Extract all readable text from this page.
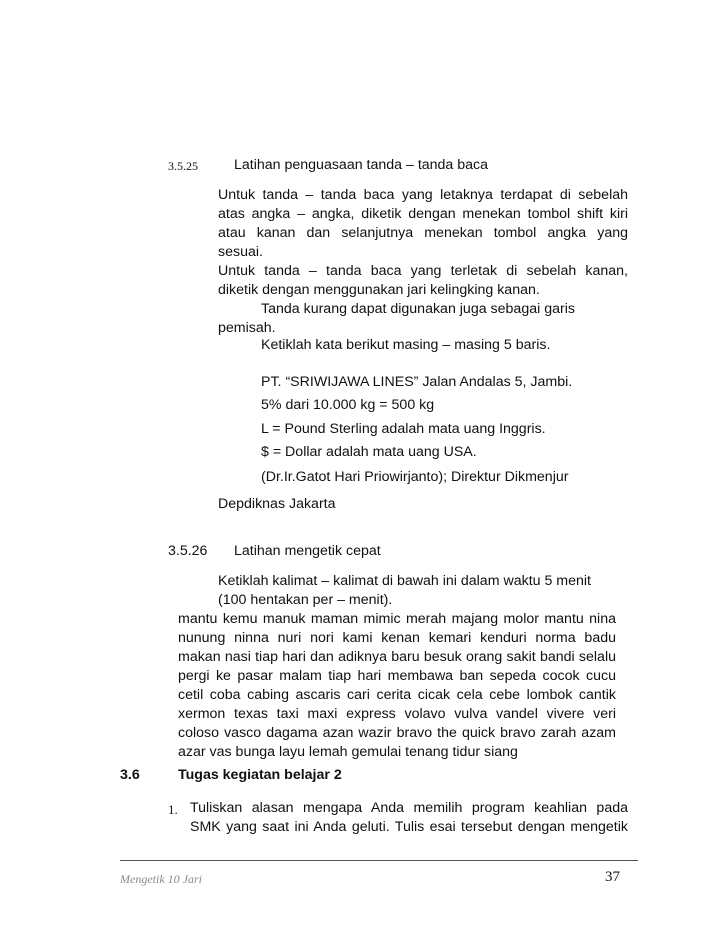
3.5.25	Latihan penguasaan tanda – tanda baca
Untuk tanda – tanda baca yang letaknya terdapat di sebelah
atas angka – angka, diketik dengan menekan tombol shift kiri
atau kanan dan selanjutnya menekan tombol angka yang
sesuai.
Untuk tanda – tanda baca yang terletak di sebelah kanan,
diketik dengan menggunakan jari kelingking kanan.
Tanda kurang dapat digunakan juga sebagai garis
pemisah.
Ketiklah kata berikut masing – masing 5 baris.
PT. “SRIWIJAWA LINES” Jalan Andalas 5, Jambi.
5% dari 10.000 kg = 500 kg
L = Pound Sterling adalah mata uang Inggris.
$ = Dollar adalah mata uang USA.
(Dr.Ir.Gatot Hari Priowirjanto); Direktur Dikmenjur
Depdiknas Jakarta
3.5.26 Latihan mengetik cepat
Ketiklah kalimat – kalimat di bawah ini dalam waktu 5 menit
(100 hentakan per – menit).
mantu kemu manuk maman mimic merah majang molor mantu nina
nunung ninna nuri nori kami kenan kemari kenduri norma badu
makan nasi tiap hari dan adiknya baru besuk orang sakit bandi selalu
pergi ke pasar malam tiap hari membawa ban sepeda cocok cucu
cetil coba cabing ascaris cari cerita cicak cela cebe lombok cantik
xermon texas taxi maxi express volavo vulva vandel vivere veri
coloso vasco dagama azan wazir bravo the quick bravo zarah azam
azar vas bunga layu lemah gemulai tenang tidur siang
3.6	Tugas kegiatan belajar 2
1. Tuliskan alasan mengapa Anda memilih program keahlian pada
SMK yang saat ini Anda geluti. Tulis esai tersebut dengan mengetik
Mengetik 10 Jari	37
